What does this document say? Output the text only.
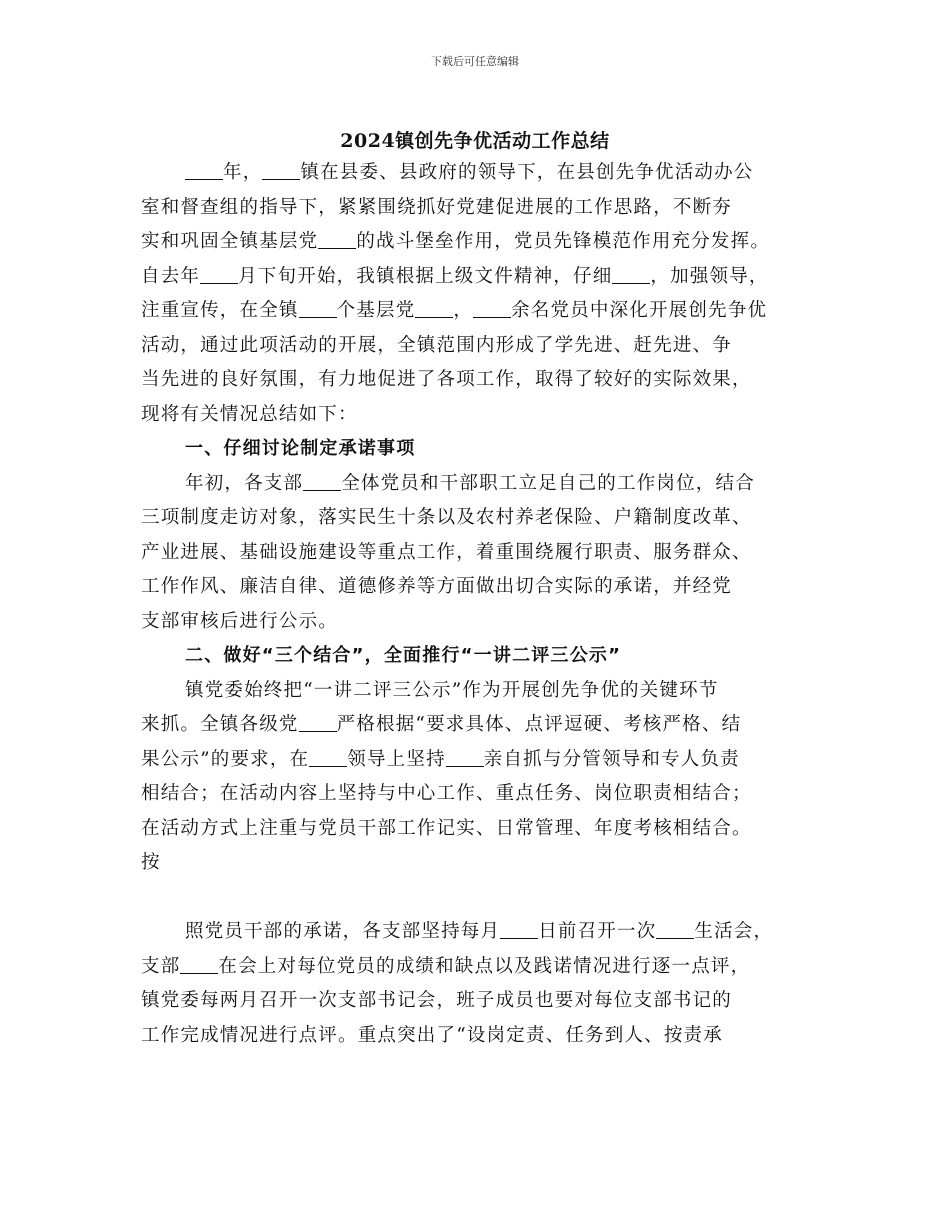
下载后可任意编辑
2024镇创先争优活动工作总结
年， 镇在县委、县政府的领导下，在县创先争优活动办公
室和督查组的指导下，紧紧围绕抓好党建促进展的工作思路，不断夯
实和巩固全镇基层党 的战斗堡垒作用，党员先锋模范作用充分发挥。
自去年 月下旬开始，我镇根据上级文件精神，仔细 ，加强领导，
注重宣传，在全镇 个基层党 ， 余名党员中深化开展创先争优
活动，通过此项活动的开展，全镇范围内形成了学先进、赶先进、争
当先进的良好氛围，有力地促进了各项工作，取得了较好的实际效果，
现将有关情况总结如下：
一、仔细讨论制定承诺事项
年初，各支部 全体党员和干部职工立足自己的工作岗位，结合
三项制度走访对象，落实民生十条以及农村养老保险、户籍制度改革、
产业进展、基础设施建设等重点工作，着重围绕履行职责、服务群众、
工作作风、廉洁自律、道德修养等方面做出切合实际的承诺，并经党
支部审核后进行公示。
二、做好“三个结合”，全面推行“一讲二评三公示”
镇党委始终把“一讲二评三公示”作为开展创先争优的关键环节
来抓。全镇各级党 严格根据“要求具体、点评逗硬、考核严格、结
果公示”的要求，在 领导上坚持 亲自抓与分管领导和专人负责
相结合；在活动内容上坚持与中心工作、重点任务、岗位职责相结合；
在活动方式上注重与党员干部工作记实、日常管理、年度考核相结合。
按
照党员干部的承诺，各支部坚持每月 日前召开一次 生活会，
支部 在会上对每位党员的成绩和缺点以及践诺情况进行逐一点评，
镇党委每两月召开一次支部书记会，班子成员也要对每位支部书记的
工作完成情况进行点评。重点突出了“设岗定责、任务到人、按责承
